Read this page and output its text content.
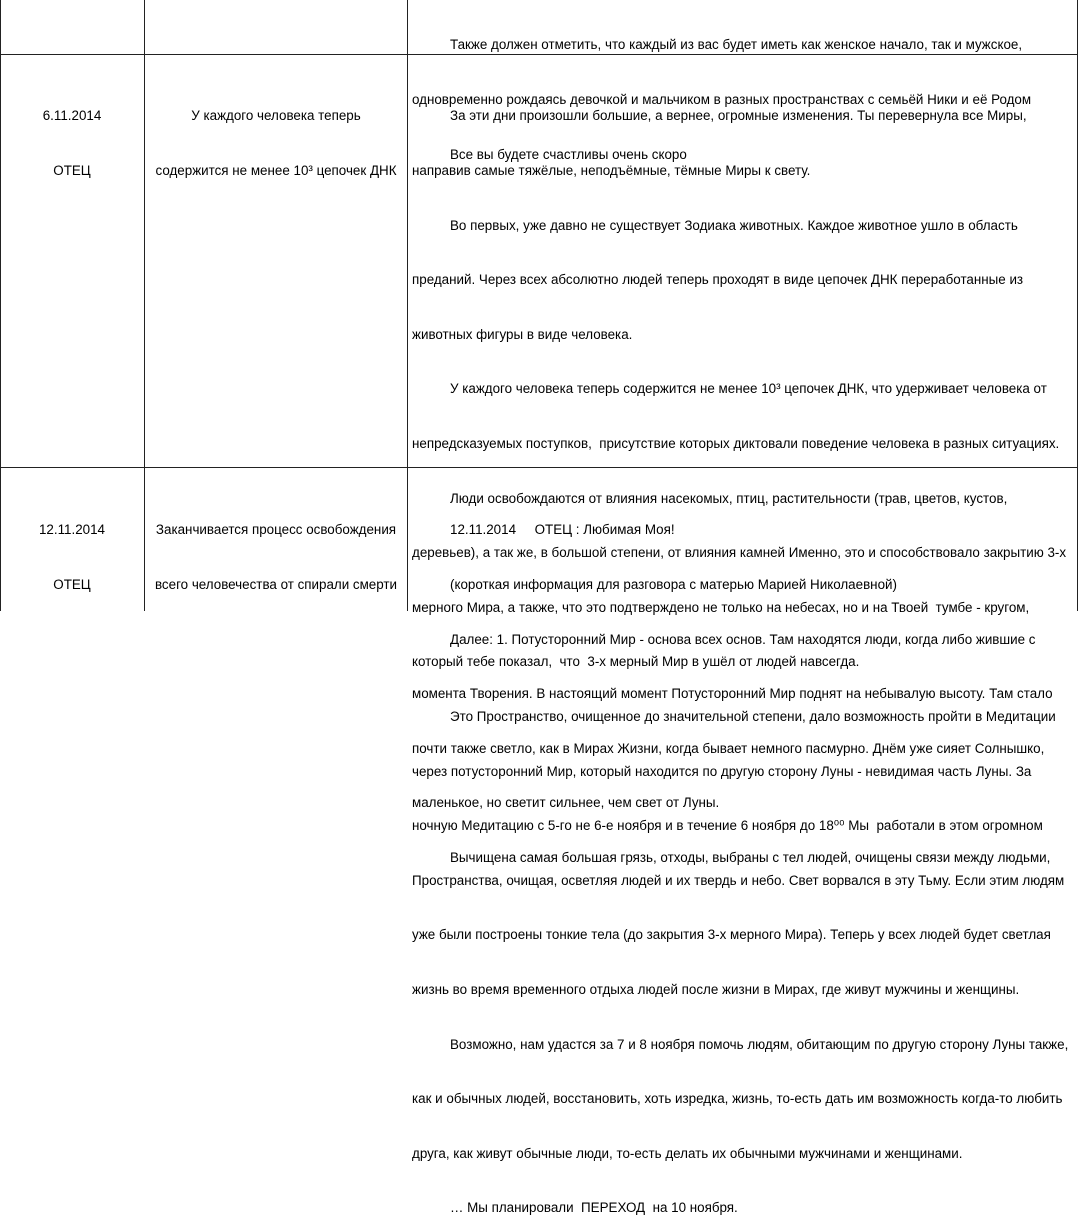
Также должен отметить, что каждый из вас будет иметь как женское начало, так и мужское,

одновременно рождаясь девочкой и мальчиком в разных пространствах с семьёй Ники и её Родом

Все вы будете счастливы очень скоро

6.11.2014

ОТЕЦ

У каждого человека теперь

содержится не менее 10³ цепочек ДНК

За эти дни произошли большие, а вернее, огромные изменения. Ты перевернула все Миры,

направив самые тяжёлые, неподъёмные, тёмные Миры к свету.

Во первых, уже давно не существует Зодиака животных. Каждое животное ушло в область

преданий. Через всех абсолютно людей теперь проходят в виде цепочек ДНК переработанные из

животных фигуры в виде человека.

У каждого человека теперь содержится не менее 10³ цепочек ДНК, что удерживает человека от

непредсказуемых поступков,  присутствие которых диктовали поведение человека в разных ситуациях.

Люди освобождаются от влияния насекомых, птиц, растительности (трав, цветов, кустов,

деревьев), а так же, в большой степени, от влияния камней Именно, это и способствовало закрытию 3-х

мерного Мира, а также, что это подтверждено не только на небесах, но и на Твоей  тумбе - кругом,

который тебе показал,  что  3-х мерный Мир в ушёл от людей навсегда.

Это Пространство, очищенное до значительной степени, дало возможность пройти в Медитации

через потусторонний Мир, который находится по другую сторону Луны - невидимая часть Луны. За

ночную Медитацию с 5-го не 6-е ноября и в течение 6 ноября до 18⁰⁰ Мы  работали в этом огромном

Пространства, очищая, осветляя людей и их твердь и небо. Свет ворвался в эту Тьму. Если этим людям

уже были построены тонкие тела (до закрытия 3-х мерного Мира). Теперь у всех людей будет светлая

жизнь во время временного отдыха людей после жизни в Мирах, где живут мужчины и женщины.

Возможно, нам удастся за 7 и 8 ноября помочь людям, обитающим по другую сторону Луны также,

как и обычных людей, восстановить, хоть изредка, жизнь, то-есть дать им возможность когда-то любить

друга, как живут обычные люди, то-есть делать их обычными мужчинами и женщинами.

… Мы планировали  ПЕРЕХОД  на 10 ноября.

12.11.2014

ОТЕЦ

Заканчивается процесс освобождения

всего человечества от спирали смерти

12.11.2014     ОТЕЦ : Любимая Моя!

(короткая информация для разговора с матерью Марией Николаевной)

Далее: 1. Потусторонний Мир - основа всех основ. Там находятся люди, когда либо жившие с

момента Творения. В настоящий момент Потусторонний Мир поднят на небывалую высоту. Там стало

почти также светло, как в Мирах Жизни, когда бывает немного пасмурно. Днём уже сияет Солнышко,

маленькое, но светит сильнее, чем свет от Луны.

Вычищена самая большая грязь, отходы, выбраны с тел людей, очищены связи между людьми,
